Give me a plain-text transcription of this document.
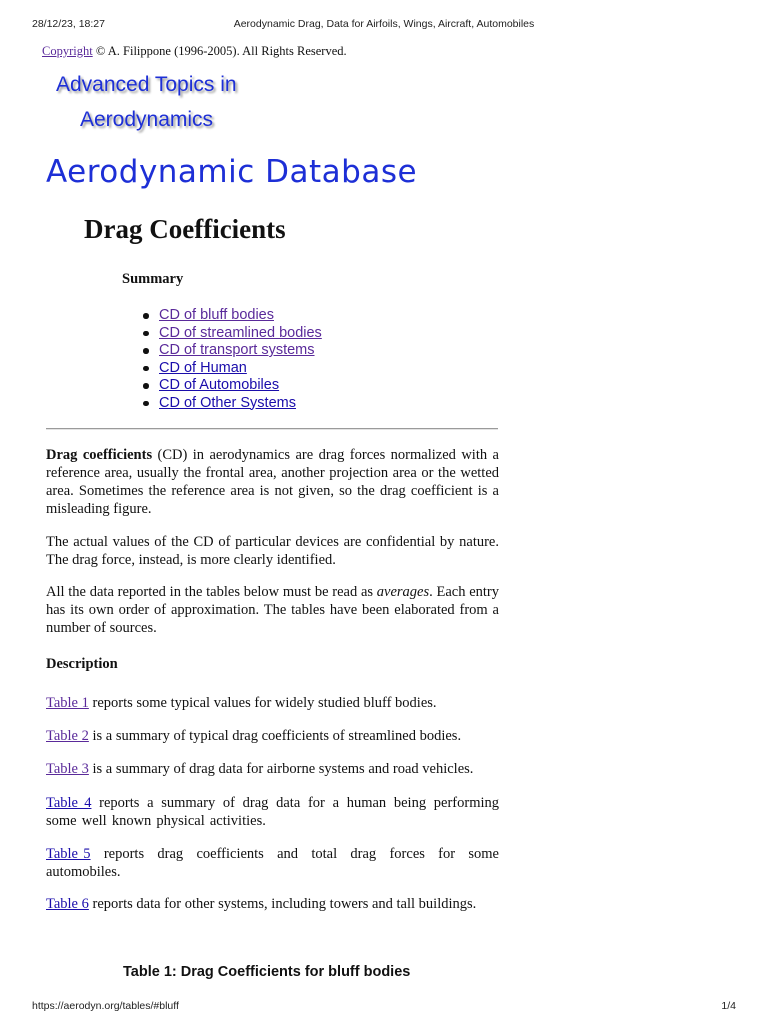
28/12/23, 18:27	Aerodynamic Drag, Data for Airfoils, Wings, Aircraft, Automobiles
Copyright © A. Filippone (1996-2005). All Rights Reserved.
Advanced Topics in
Aerodynamics
Aerodynamic Database
Drag Coefficients
Summary
CD of bluff bodies
CD of streamlined bodies
CD of transport systems
CD of Human
CD of Automobiles
CD of Other Systems

Drag coefficients (CD) in aerodynamics are drag forces normalized with a reference area, usually the frontal area, another projection area or the wetted area. Sometimes the reference area is not given, so the drag coefficient is a misleading figure.

The actual values of the CD of particular devices are confidential by nature. The drag force, instead, is more clearly identified.

All the data reported in the tables below must be read as averages. Each entry has its own order of approximation. The tables have been elaborated from a number of sources.

Description

Table 1 reports some typical values for widely studied bluff bodies.

Table 2 is a summary of typical drag coefficients of streamlined bodies.

Table 3 is a summary of drag data for airborne systems and road vehicles.

Table 4 reports a summary of drag data for a human being performing some well known physical activities.

Table 5 reports drag coefficients and total drag forces for some automobiles.

Table 6 reports data for other systems, including towers and tall buildings.

Table 1: Drag Coefficients for bluff bodies
https://aerodyn.org/tables/#bluff	1/4
